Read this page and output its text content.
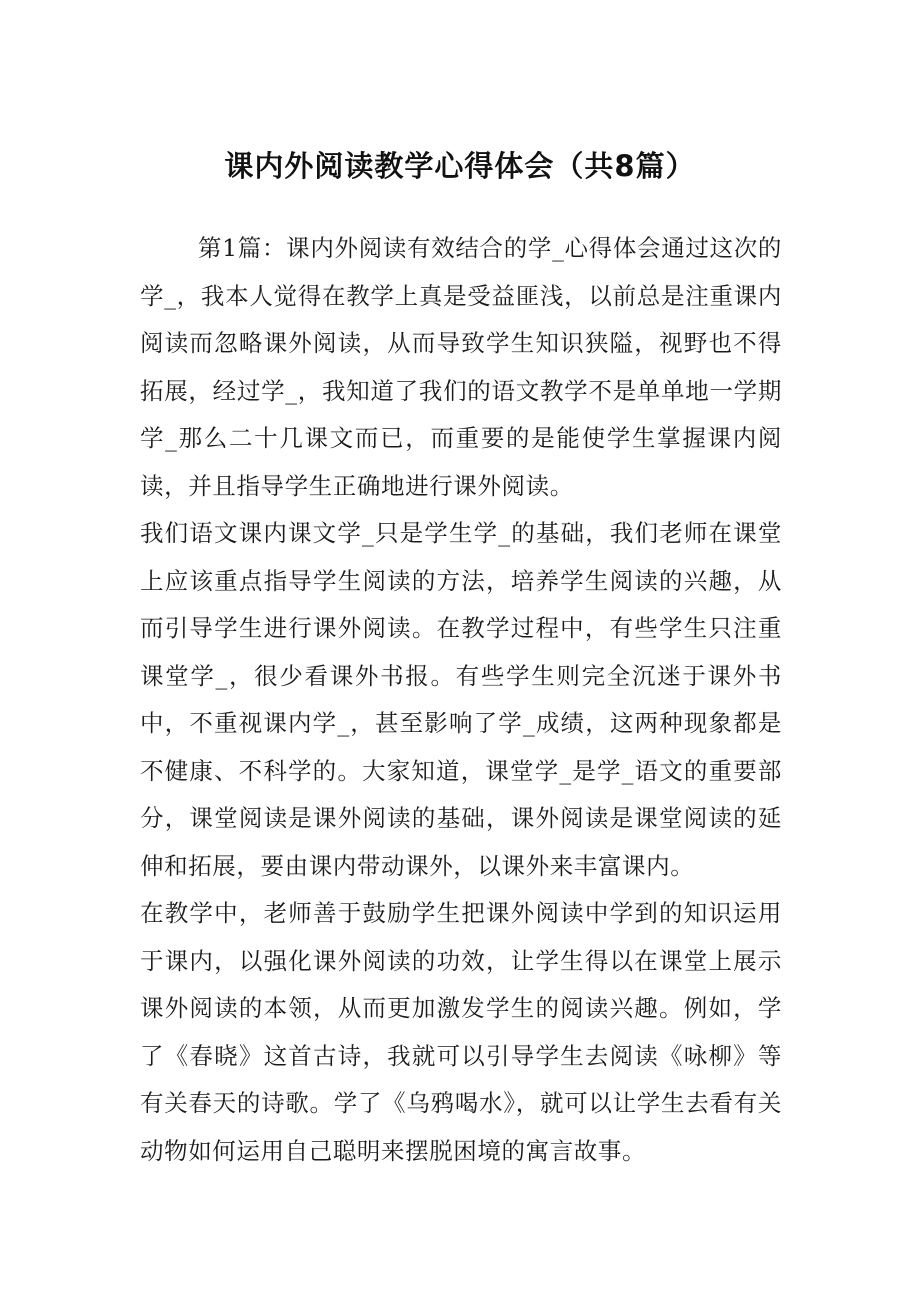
课内外阅读教学心得体会（共8篇）

第1篇：课内外阅读有效结合的学_心得体会通过这次的学_，我本人觉得在教学上真是受益匪浅，以前总是注重课内阅读而忽略课外阅读，从而导致学生知识狭隘，视野也不得拓展，经过学_，我知道了我们的语文教学不是单单地一学期学_那么二十几课文而已，而重要的是能使学生掌握课内阅读，并且指导学生正确地进行课外阅读。

我们语文课内课文学_只是学生学_的基础，我们老师在课堂上应该重点指导学生阅读的方法，培养学生阅读的兴趣，从而引导学生进行课外阅读。在教学过程中，有些学生只注重课堂学_，很少看课外书报。有些学生则完全沉迷于课外书中，不重视课内学_，甚至影响了学_成绩，这两种现象都是不健康、不科学的。大家知道，课堂学_是学_语文的重要部分，课堂阅读是课外阅读的基础，课外阅读是课堂阅读的延伸和拓展，要由课内带动课外，以课外来丰富课内。

在教学中，老师善于鼓励学生把课外阅读中学到的知识运用于课内，以强化课外阅读的功效，让学生得以在课堂上展示课外阅读的本领，从而更加激发学生的阅读兴趣。例如，学了《春晓》这首古诗，我就可以引导学生去阅读《咏柳》等有关春天的诗歌。学了《乌鸦喝水》，就可以让学生去看有关动物如何运用自己聪明来摆脱困境的寓言故事。
